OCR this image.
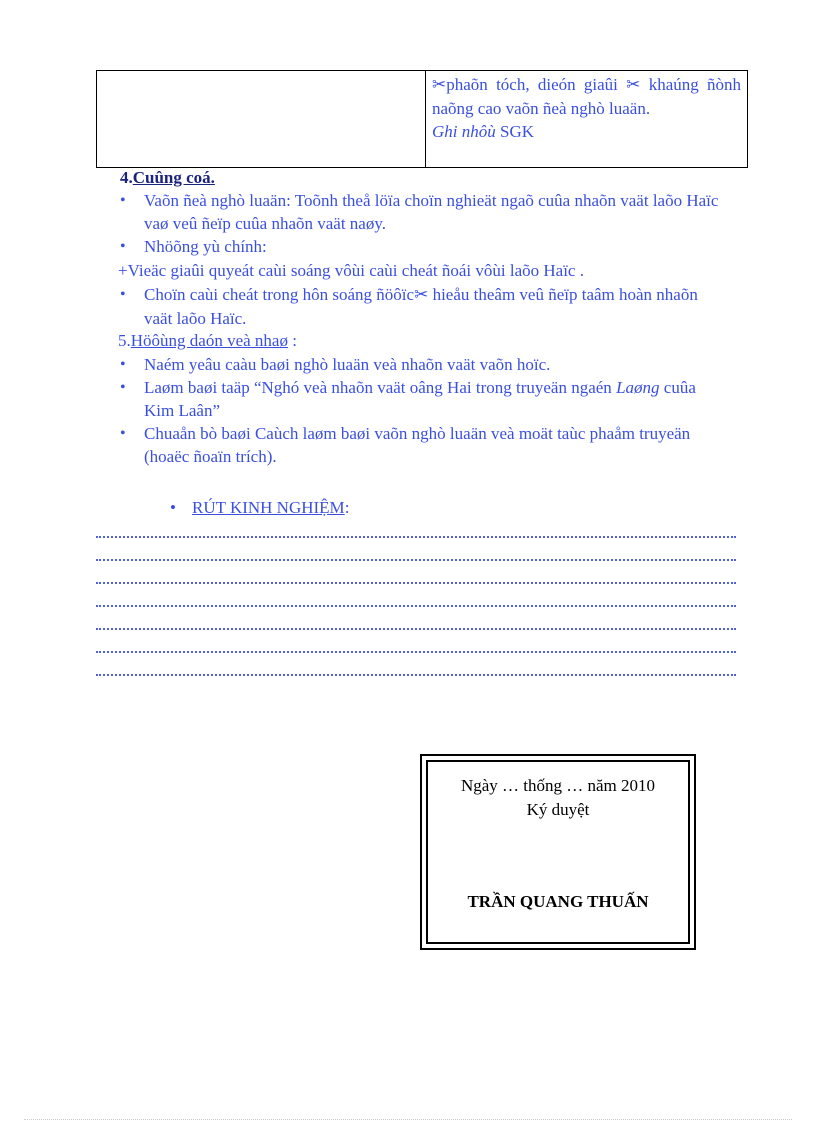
✂phaõn tóch, dieón giaûi ✂ khaúng ñònh naõng cao vaõn ñeà nghò luaän.

Ghi nhôù SGK

4.Cuûng coá.
• Vaõn ñeà nghò luaän: Toõnh theå löïa choïn nghieät ngaõ cuûa nhaõn vaät laõo Haïc vaø veû ñeïp cuûa nhaõn vaät naøy.
• Nhöõng yù chính:
+Vieäc giaûi quyeát caùi soáng vôùi caùi cheát ñoái vôùi laõo Haïc .
• Choïn caùi cheát trong hôn soáng ñöôïc✂ hieåu theâm veû ñeïp taâm hoàn nhaõn vaät laõo Haïc.
5.Höôùng daón veà nhaø :
• Naém yeâu caàu baøi nghò luaän veà nhaõn vaät vaõn hoïc.
• Laøm baøi taäp “Nghó veà nhaõn vaät oâng Hai trong truyeän ngaén Laøng cuûa Kim Laân”
• Chuaån bò baøi Caùch laøm baøi vaõn nghò luaän veà moät taùc phaåm truyeän (hoaëc ñoaïn trích).
• RÚT KINH NGHIỆM:

Ngày … thống … năm 2010

Ký duyệt

TRẦN QUANG THUẤN
